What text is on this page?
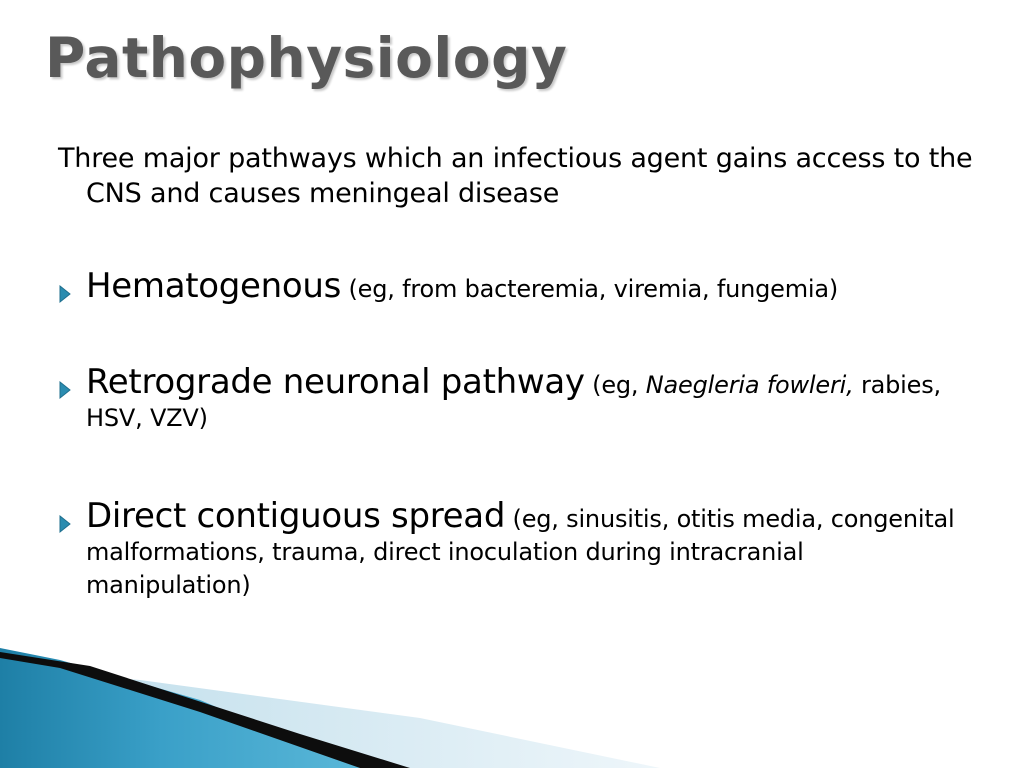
Pathophysiology
Three major pathways which an infectious agent gains access to the CNS and causes meningeal disease
Hematogenous (eg, from bacteremia, viremia, fungemia)
Retrograde neuronal pathway (eg, Naegleria fowleri, rabies, HSV, VZV)
Direct contiguous spread (eg, sinusitis, otitis media, congenital malformations, trauma, direct inoculation during intracranial manipulation)
